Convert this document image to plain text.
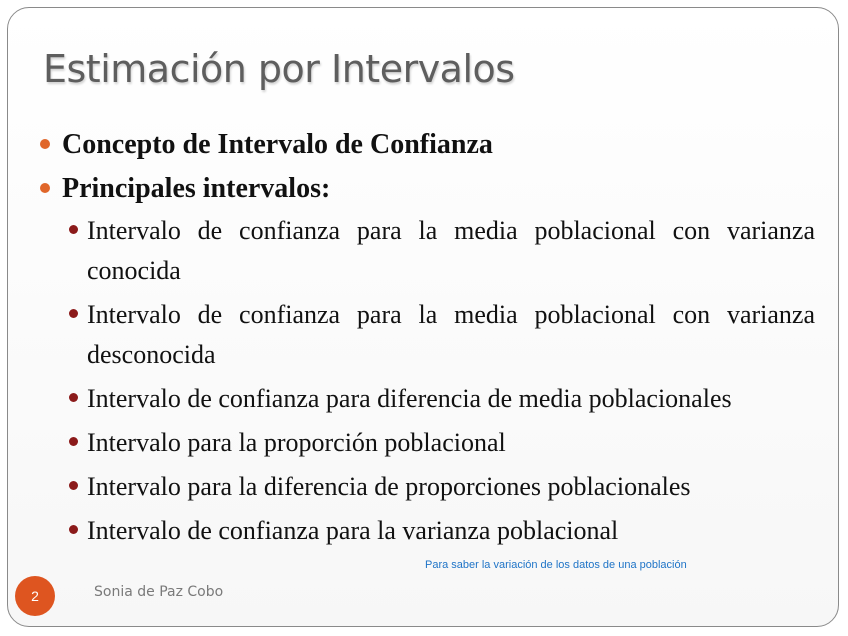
Estimación por Intervalos
Concepto de Intervalo de Confianza
Principales intervalos:
Intervalo de confianza para la media poblacional con varianza conocida
Intervalo de confianza para la media poblacional con varianza desconocida
Intervalo de confianza para diferencia de media poblacionales
Intervalo para la proporción poblacional
Intervalo para la diferencia de proporciones poblacionales
Intervalo de confianza para la varianza poblacional
Para saber la variación de los datos de una población
2	Sonia de Paz Cobo
